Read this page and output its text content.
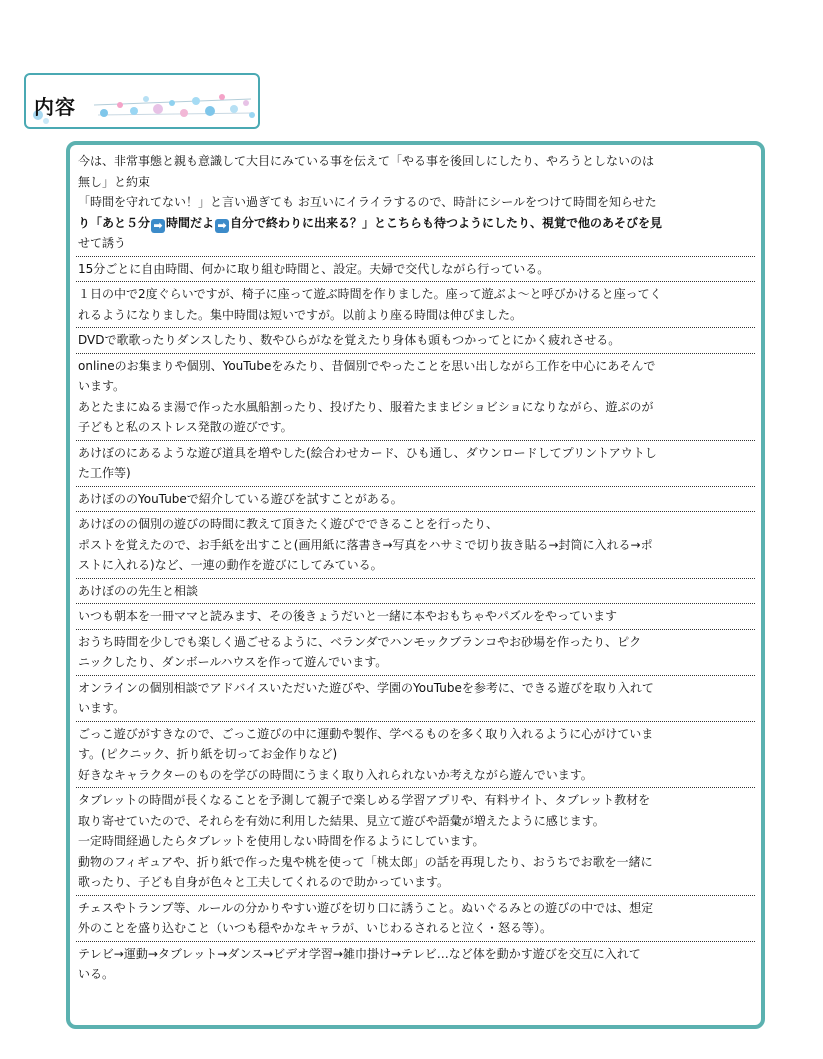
内容
今は、非常事態と親も意識して大目にみている事を伝えて「やる事を後回しにしたり、やろうとしないのは
無し」と約束
「時間を守れてない！」と言い過ぎても お互いにイライラするので、時計にシールをつけて時間を知らせた
り「あと５分 ➡ 時間だよ ➡ 自分で終わりに出来る？」とこちらも待つようにしたり、視覚で他のあそびを見
せて誘う
15分ごとに自由時間、何かに取り組む時間と、設定。夫婦で交代しながら行っている。
１日の中で2度ぐらいですが、椅子に座って遊ぶ時間を作りました。座って遊ぶよ～と呼びかけると座ってく
れるようになりました。集中時間は短いですが。以前より座る時間は伸びました。
DVDで歌歌ったりダンスしたり、数やひらがなを覚えたり身体も頭もつかってとにかく疲れさせる。
onlineのお集まりや個別、YouTubeをみたり、昔個別でやったことを思い出しながら工作を中心にあそんで
います。
あとたまにぬるま湯で作った水風船割ったり、投げたり、服着たままビショビショになりながら、遊ぶのが
子どもと私のストレス発散の遊びです。
あけぼのにあるような遊び道具を増やした(絵合わせカード、ひも通し、ダウンロードしてプリントアウトし
た工作等)
あけぼののYouTubeで紹介している遊びを試すことがある。
あけぼのの個別の遊びの時間に教えて頂きたく遊びでできることを行ったり、
ポストを覚えたので、お手紙を出すこと(画用紙に落書き→写真をハサミで切り抜き貼る→封筒に入れる→ポ
ストに入れる)など、一連の動作を遊びにしてみている。
あけぼのの先生と相談
いつも朝本を一冊ママと読みます、その後きょうだいと一緒に本やおもちゃやパズルをやっています
おうち時間を少しでも楽しく過ごせるように、ベランダでハンモックブランコやお砂場を作ったり、ピク
ニックしたり、ダンボールハウスを作って遊んでいます。
オンラインの個別相談でアドバイスいただいた遊びや、学園のYouTubeを参考に、できる遊びを取り入れて
います。
ごっこ遊びがすきなので、ごっこ遊びの中に運動や製作、学べるものを多く取り入れるように心がけていま
す。(ピクニック、折り紙を切ってお金作りなど)
好きなキャラクターのものを学びの時間にうまく取り入れられないか考えながら遊んでいます。
タブレットの時間が長くなることを予測して親子で楽しめる学習アプリや、有料サイト、タブレット教材を
取り寄せていたので、それらを有効に利用した結果、見立て遊びや語彙が増えたように感じます。
一定時間経過したらタブレットを使用しない時間を作るようにしています。
動物のフィギュアや、折り紙で作った鬼や桃を使って「桃太郎」の話を再現したり、おうちでお歌を一緒に
歌ったり、子ども自身が色々と工夫してくれるので助かっています。
チェスやトランプ等、ルールの分かりやすい遊びを切り口に誘うこと。ぬいぐるみとの遊びの中では、想定
外のことを盛り込むこと（いつも穏やかなキャラが、いじわるされると泣く・怒る等）。
テレビ→運動→タブレット→ダンス→ビデオ学習→雑巾掛け→テレビ…など体を動かす遊びを交互に入れて
いる。
